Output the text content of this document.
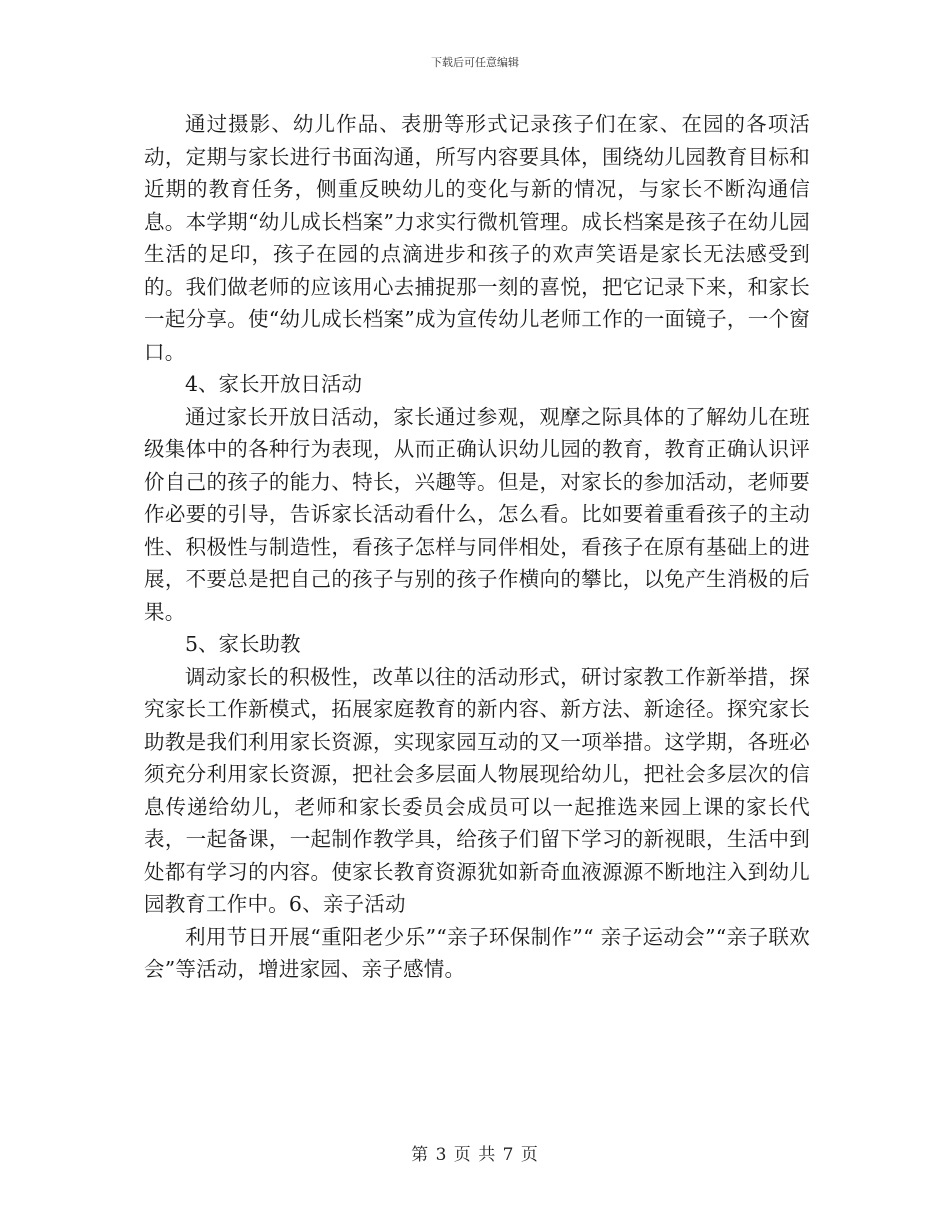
下载后可任意编辑

通过摄影、幼儿作品、表册等形式记录孩子们在家、在园的各项活动，定期与家长进行书面沟通，所写内容要具体，围绕幼儿园教育目标和近期的教育任务，侧重反映幼儿的变化与新的情况，与家长不断沟通信息。本学期“幼儿成长档案”力求实行微机管理。成长档案是孩子在幼儿园生活的足印，孩子在园的点滴进步和孩子的欢声笑语是家长无法感受到的。我们做老师的应该用心去捕捉那一刻的喜悦，把它记录下来，和家长一起分享。使“幼儿成长档案”成为宣传幼儿老师工作的一面镜子，一个窗口。

4、家长开放日活动

通过家长开放日活动，家长通过参观，观摩之际具体的了解幼儿在班级集体中的各种行为表现，从而正确认识幼儿园的教育，教育正确认识评价自己的孩子的能力、特长，兴趣等。但是，对家长的参加活动，老师要作必要的引导，告诉家长活动看什么，怎么看。比如要着重看孩子的主动性、积极性与制造性，看孩子怎样与同伴相处，看孩子在原有基础上的进展，不要总是把自己的孩子与别的孩子作横向的攀比，以免产生消极的后果。

5、家长助教

调动家长的积极性，改革以往的活动形式，研讨家教工作新举措，探究家长工作新模式，拓展家庭教育的新内容、新方法、新途径。探究家长助教是我们利用家长资源，实现家园互动的又一项举措。这学期，各班必须充分利用家长资源，把社会多层面人物展现给幼儿，把社会多层次的信息传递给幼儿，老师和家长委员会成员可以一起推选来园上课的家长代表，一起备课，一起制作教学具，给孩子们留下学习的新视眼，生活中到处都有学习的内容。使家长教育资源犹如新奇血液源源不断地注入到幼儿园教育工作中。6、亲子活动

利用节日开展“重阳老少乐”“亲子环保制作”“ 亲子运动会”“亲子联欢会”等活动，增进家园、亲子感情。

第 3 页 共 7 页
